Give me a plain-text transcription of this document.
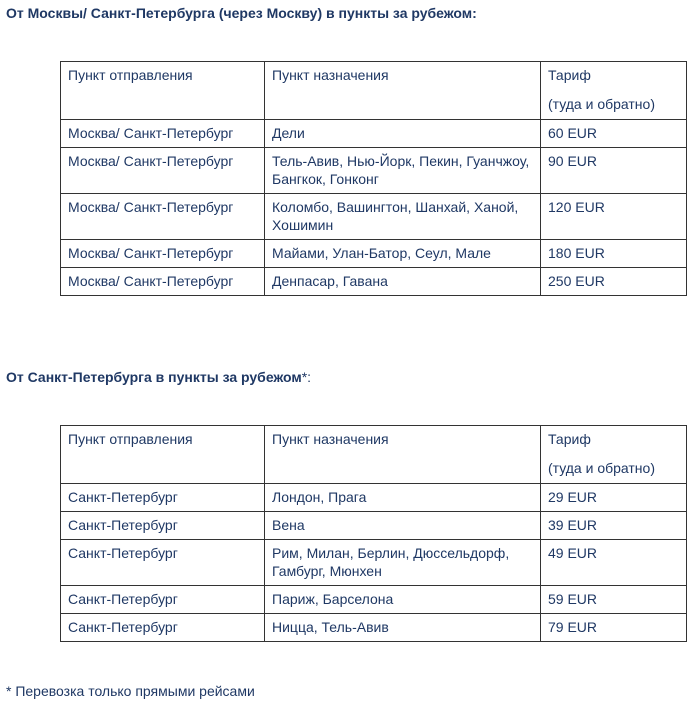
От Москвы/ Санкт-Петербурга (через Москву) в пункты за рубежом:
Пункт отправления	Пункт назначения	Тариф
(туда и обратно)

Москва/ Санкт-Петербург	Дели	60 EUR
Москва/ Санкт-Петербург	Тель-Авив, Нью-Йорк, Пекин, Гуанчжоу, Бангкок, Гонконг	90 EUR
Москва/ Санкт-Петербург	Коломбо, Вашингтон, Шанхай, Ханой, Хошимин	120 EUR
Москва/ Санкт-Петербург	Майами, Улан-Батор, Сеул, Мале	180 EUR
Москва/ Санкт-Петербург	Денпасар, Гавана	250 EUR
От Санкт-Петербурга в пункты за рубежом*:
Пункт отправления	Пункт назначения	Тариф
(туда и обратно)

Санкт-Петербург	Лондон, Прага	29 EUR
Санкт-Петербург	Вена	39 EUR
Санкт-Петербург	Рим, Милан, Берлин, Дюссельдорф, Гамбург, Мюнхен	49 EUR
Санкт-Петербург	Париж, Барселона	59 EUR
Санкт-Петербург	Ницца, Тель-Авив	79 EUR
* Перевозка только прямыми рейсами
